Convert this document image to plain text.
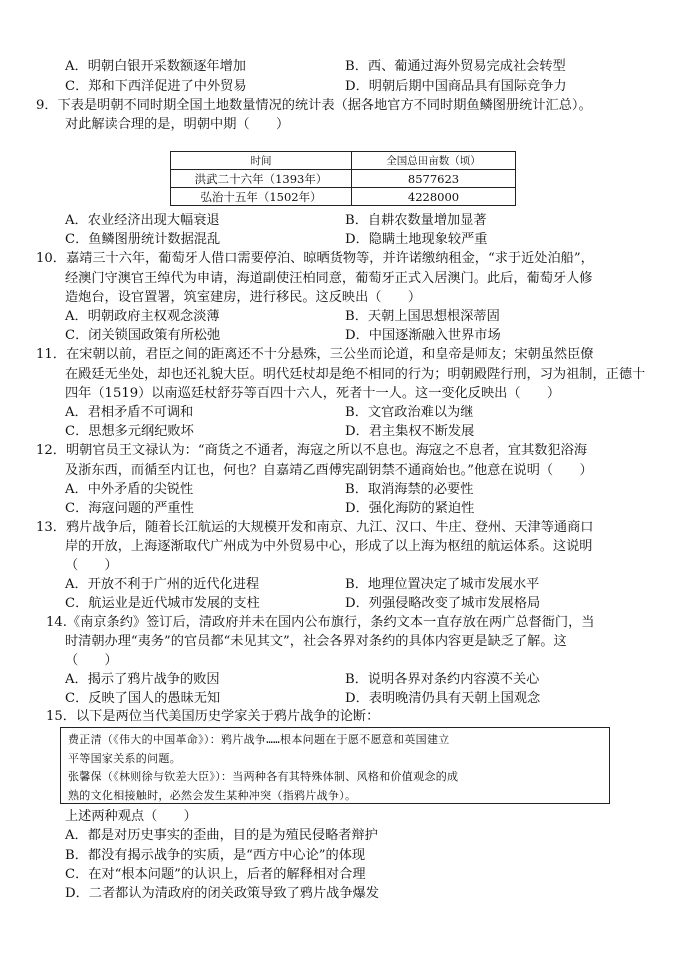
A．明朝白银开采数额逐年增加	B．西、葡通过海外贸易完成社会转型
C．郑和下西洋促进了中外贸易	D．明朝后期中国商品具有国际竞争力
9．下表是明朝不同时期全国土地数量情况的统计表（据各地官方不同时期鱼鳞图册统计汇总）。
对此解读合理的是，明朝中期（　　）
时间	全国总田亩数（顷）
洪武二十六年（1393年）	8577623
弘治十五年（1502年）	4228000
A．农业经济出现大幅衰退	B．自耕农数量增加显著
C．鱼鳞图册统计数据混乱	D．隐瞒土地现象较严重
10．嘉靖三十六年，葡萄牙人借口需要停泊、晾晒货物等，并许诺缴纳租金，“求于近处泊船”，
经澳门守澳官王绰代为申请，海道副使汪柏同意，葡萄牙正式入居澳门。此后，葡萄牙人修
造炮台，设官置署，筑室建房，进行移民。这反映出（　　）
A．明朝政府主权观念淡薄	B．天朝上国思想根深蒂固
C．闭关锁国政策有所松弛	D．中国逐渐融入世界市场
11．在宋朝以前，君臣之间的距离还不十分悬殊，三公坐而论道，和皇帝是师友；宋朝虽然臣僚
在殿廷无坐处，却也还礼貌大臣。明代廷杖却是绝不相同的行为；明朝殿陛行刑，习为祖制，正德十
四年（1519）以南巡廷杖舒芬等百四十六人，死者十一人。这一变化反映出（　　）
A．君相矛盾不可调和	B．文官政治难以为继
C．思想多元纲纪败坏	D．君主集权不断发展
12．明朝官员王文禄认为：“商货之不通者，海寇之所以不息也。海寇之不息者，宜其数犯浴海
及浙东西，而循至内讧也，何也？自嘉靖乙酉傅宪副钥禁不通商始也。”他意在说明（　　）
A．中外矛盾的尖锐性	B．取消海禁的必要性
C．海寇问题的严重性	D．强化海防的紧迫性
13．鸦片战争后，随着长江航运的大规模开发和南京、九江、汉口、牛庄、登州、天津等通商口
岸的开放，上海逐渐取代广州成为中外贸易中心，形成了以上海为枢纽的航运体系。这说明
（　　）
A．开放不利于广州的近代化进程	B．地理位置决定了城市发展水平
C．航运业是近代城市发展的支柱	D．列强侵略改变了城市发展格局
14.《南京条约》签订后，清政府并未在国内公布旗行，条约文本一直存放在两广总督衙门，当
时清朝办理“夷务”的官员都“未见其文”，社会各界对条约的具体内容更是缺乏了解。这
（　　）
A．揭示了鸦片战争的败因	B．说明各界对条约内容漠不关心
C．反映了国人的愚昧无知	D．表明晚清仍具有天朝上国观念
15．以下是两位当代美国历史学家关于鸦片战争的论断：
费正清（《伟大的中国革命》）：鸦片战争……根本问题在于愿不愿意和英国建立
平等国家关系的问题。
张馨保（《林则徐与钦差大臣》）：当两种各有其特殊体制、风格和价值观念的成
熟的文化相接触时，必然会发生某种冲突（指鸦片战争）。
上述两种观点（　　）
A．都是对历史事实的歪曲，目的是为殖民侵略者辩护
B．都没有揭示战争的实质，是“西方中心论”的体现
C．在对“根本问题”的认识上，后者的解释相对合理
D．二者都认为清政府的闭关政策导致了鸦片战争爆发
